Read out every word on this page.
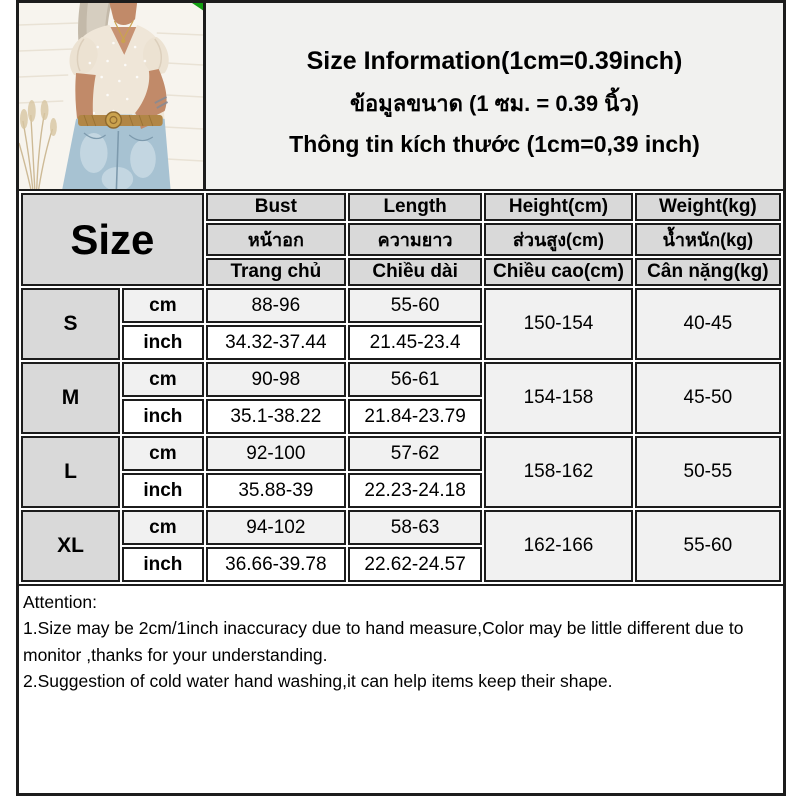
Size Information(1cm=0.39inch)
ข้อมูลขนาด (1 ซม. = 0.39 นิ้ว)
Thông tin kích thước (1cm=0,39 inch)
Size		Bust	Length	Height(cm)	Weight(kg)
		หน้าอก	ความยาว	ส่วนสูง(cm)	น้ำหนัก(kg)
		Trang chủ	Chiều dài	Chiều cao(cm)	Cân nặng(kg)
S	cm	88-96	55-60	150-154	40-45
	inch	34.32-37.44	21.45-23.4		
M	cm	90-98	56-61	154-158	45-50
	inch	35.1-38.22	21.84-23.79		
L	cm	92-100	57-62	158-162	50-55
	inch	35.88-39	22.23-24.18		
XL	cm	94-102	58-63	162-166	55-60
	inch	36.66-39.78	22.62-24.57		
Attention:
1.Size may be 2cm/1inch inaccuracy due to hand measure,Color may be little different due to monitor ,thanks for your understanding.
2.Suggestion of cold water hand washing,it can help items keep their shape.
